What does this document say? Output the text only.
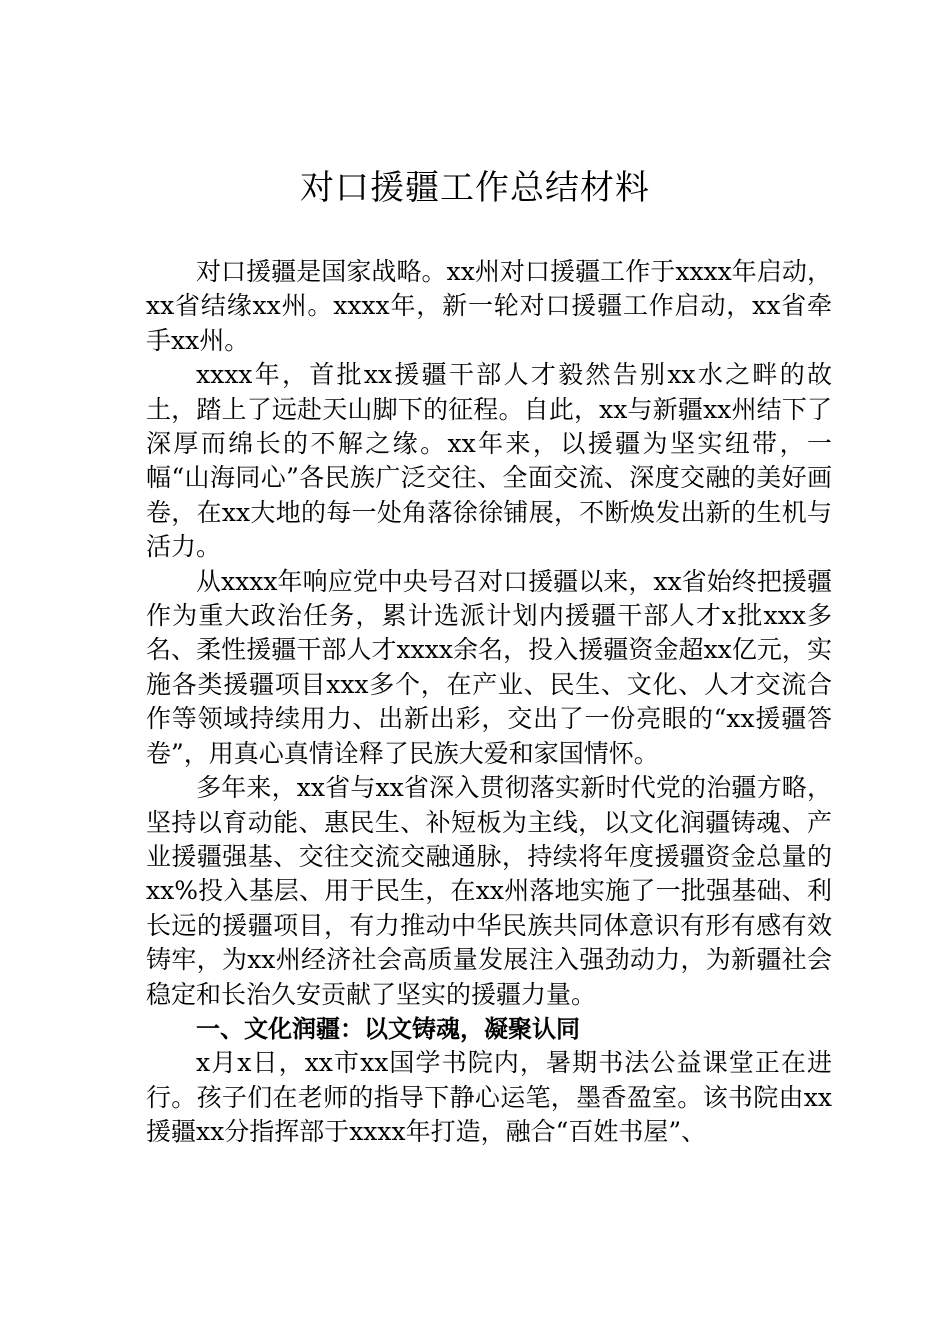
对口援疆工作总结材料

对口援疆是国家战略。xx州对口援疆工作于xxxx年启动，xx省结缘xx州。xxxx年，新一轮对口援疆工作启动，xx省牵手xx州。

xxxx年，首批xx援疆干部人才毅然告别xx水之畔的故土，踏上了远赴天山脚下的征程。自此，xx与新疆xx州结下了深厚而绵长的不解之缘。xx年来，以援疆为坚实纽带，一幅“山海同心”各民族广泛交往、全面交流、深度交融的美好画卷，在xx大地的每一处角落徐徐铺展，不断焕发出新的生机与活力。

从xxxx年响应党中央号召对口援疆以来，xx省始终把援疆作为重大政治任务，累计选派计划内援疆干部人才x批xxx多名、柔性援疆干部人才xxxx余名，投入援疆资金超xx亿元，实施各类援疆项目xxx多个，在产业、民生、文化、人才交流合作等领域持续用力、出新出彩，交出了一份亮眼的“xx援疆答卷”，用真心真情诠释了民族大爱和家国情怀。

多年来，xx省与xx省深入贯彻落实新时代党的治疆方略，坚持以育动能、惠民生、补短板为主线，以文化润疆铸魂、产业援疆强基、交往交流交融通脉，持续将年度援疆资金总量的xx%投入基层、用于民生，在xx州落地实施了一批强基础、利长远的援疆项目，有力推动中华民族共同体意识有形有感有效铸牢，为xx州经济社会高质量发展注入强劲动力，为新疆社会稳定和长治久安贡献了坚实的援疆力量。

一、文化润疆：以文铸魂，凝聚认同

x月x日，xx市xx国学书院内，暑期书法公益课堂正在进行。孩子们在老师的指导下静心运笔，墨香盈室。该书院由xx援疆xx分指挥部于xxxx年打造，融合“百姓书屋”、
